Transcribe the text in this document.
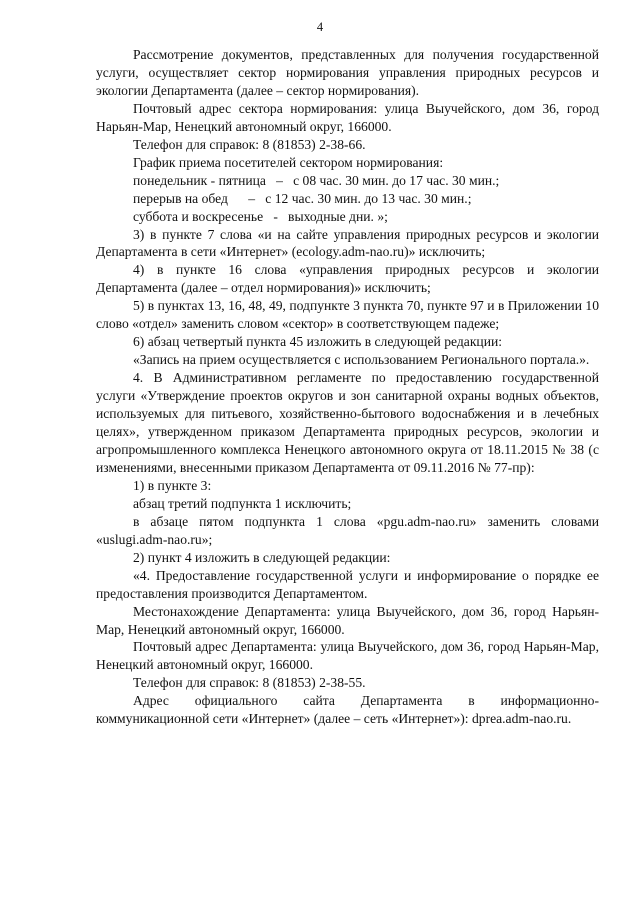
4

Рассмотрение документов, представленных для получения государственной услуги, осуществляет сектор нормирования управления природных ресурсов и экологии Департамента (далее – сектор нормирования).

Почтовый адрес сектора нормирования: улица Выучейского, дом 36, город Нарьян-Мар, Ненецкий автономный округ, 166000.

Телефон для справок: 8 (81853) 2-38-66.

График приема посетителей сектором нормирования:

понедельник - пятница   –   с 08 час. 30 мин. до 17 час. 30 мин.;

перерыв на обед      –   с 12 час. 30 мин. до 13 час. 30 мин.;

суббота и воскресенье   -   выходные дни. »;

3) в пункте 7 слова «и на сайте управления природных ресурсов и экологии Департамента в сети «Интернет» (ecology.adm-nao.ru)» исключить;

4) в пункте 16 слова «управления природных ресурсов и экологии Департамента (далее – отдел нормирования)» исключить;

5) в пунктах 13, 16, 48, 49, подпункте 3 пункта 70, пункте 97 и в Приложении 10 слово «отдел» заменить словом «сектор» в соответствующем падеже;

6) абзац четвертый пункта 45 изложить в следующей редакции:

«Запись на прием осуществляется с использованием Регионального портала.».

4. В Административном регламенте по предоставлению государственной услуги «Утверждение проектов округов и зон санитарной охраны водных объектов, используемых для питьевого, хозяйственно-бытового водоснабжения и в лечебных целях», утвержденном приказом Департамента природных ресурсов, экологии и агропромышленного комплекса Ненецкого автономного округа от 18.11.2015 № 38 (с изменениями, внесенными приказом Департамента от 09.11.2016 № 77-пр):

1) в пункте 3:

абзац третий подпункта 1 исключить;

в абзаце пятом подпункта 1 слова «pgu.adm-nao.ru» заменить словами «uslugi.adm-nao.ru»;

2) пункт 4 изложить в следующей редакции:

«4. Предоставление государственной услуги и информирование о порядке ее предоставления производится Департаментом.

Местонахождение Департамента: улица Выучейского, дом 36, город Нарьян-Мар, Ненецкий автономный округ, 166000.

Почтовый адрес Департамента: улица Выучейского, дом 36, город Нарьян-Мар, Ненецкий автономный округ, 166000.

Телефон для справок: 8 (81853) 2-38-55.

Адрес официального сайта Департамента в информационно-коммуникационной сети «Интернет» (далее – сеть «Интернет»): dprea.adm-nao.ru.
